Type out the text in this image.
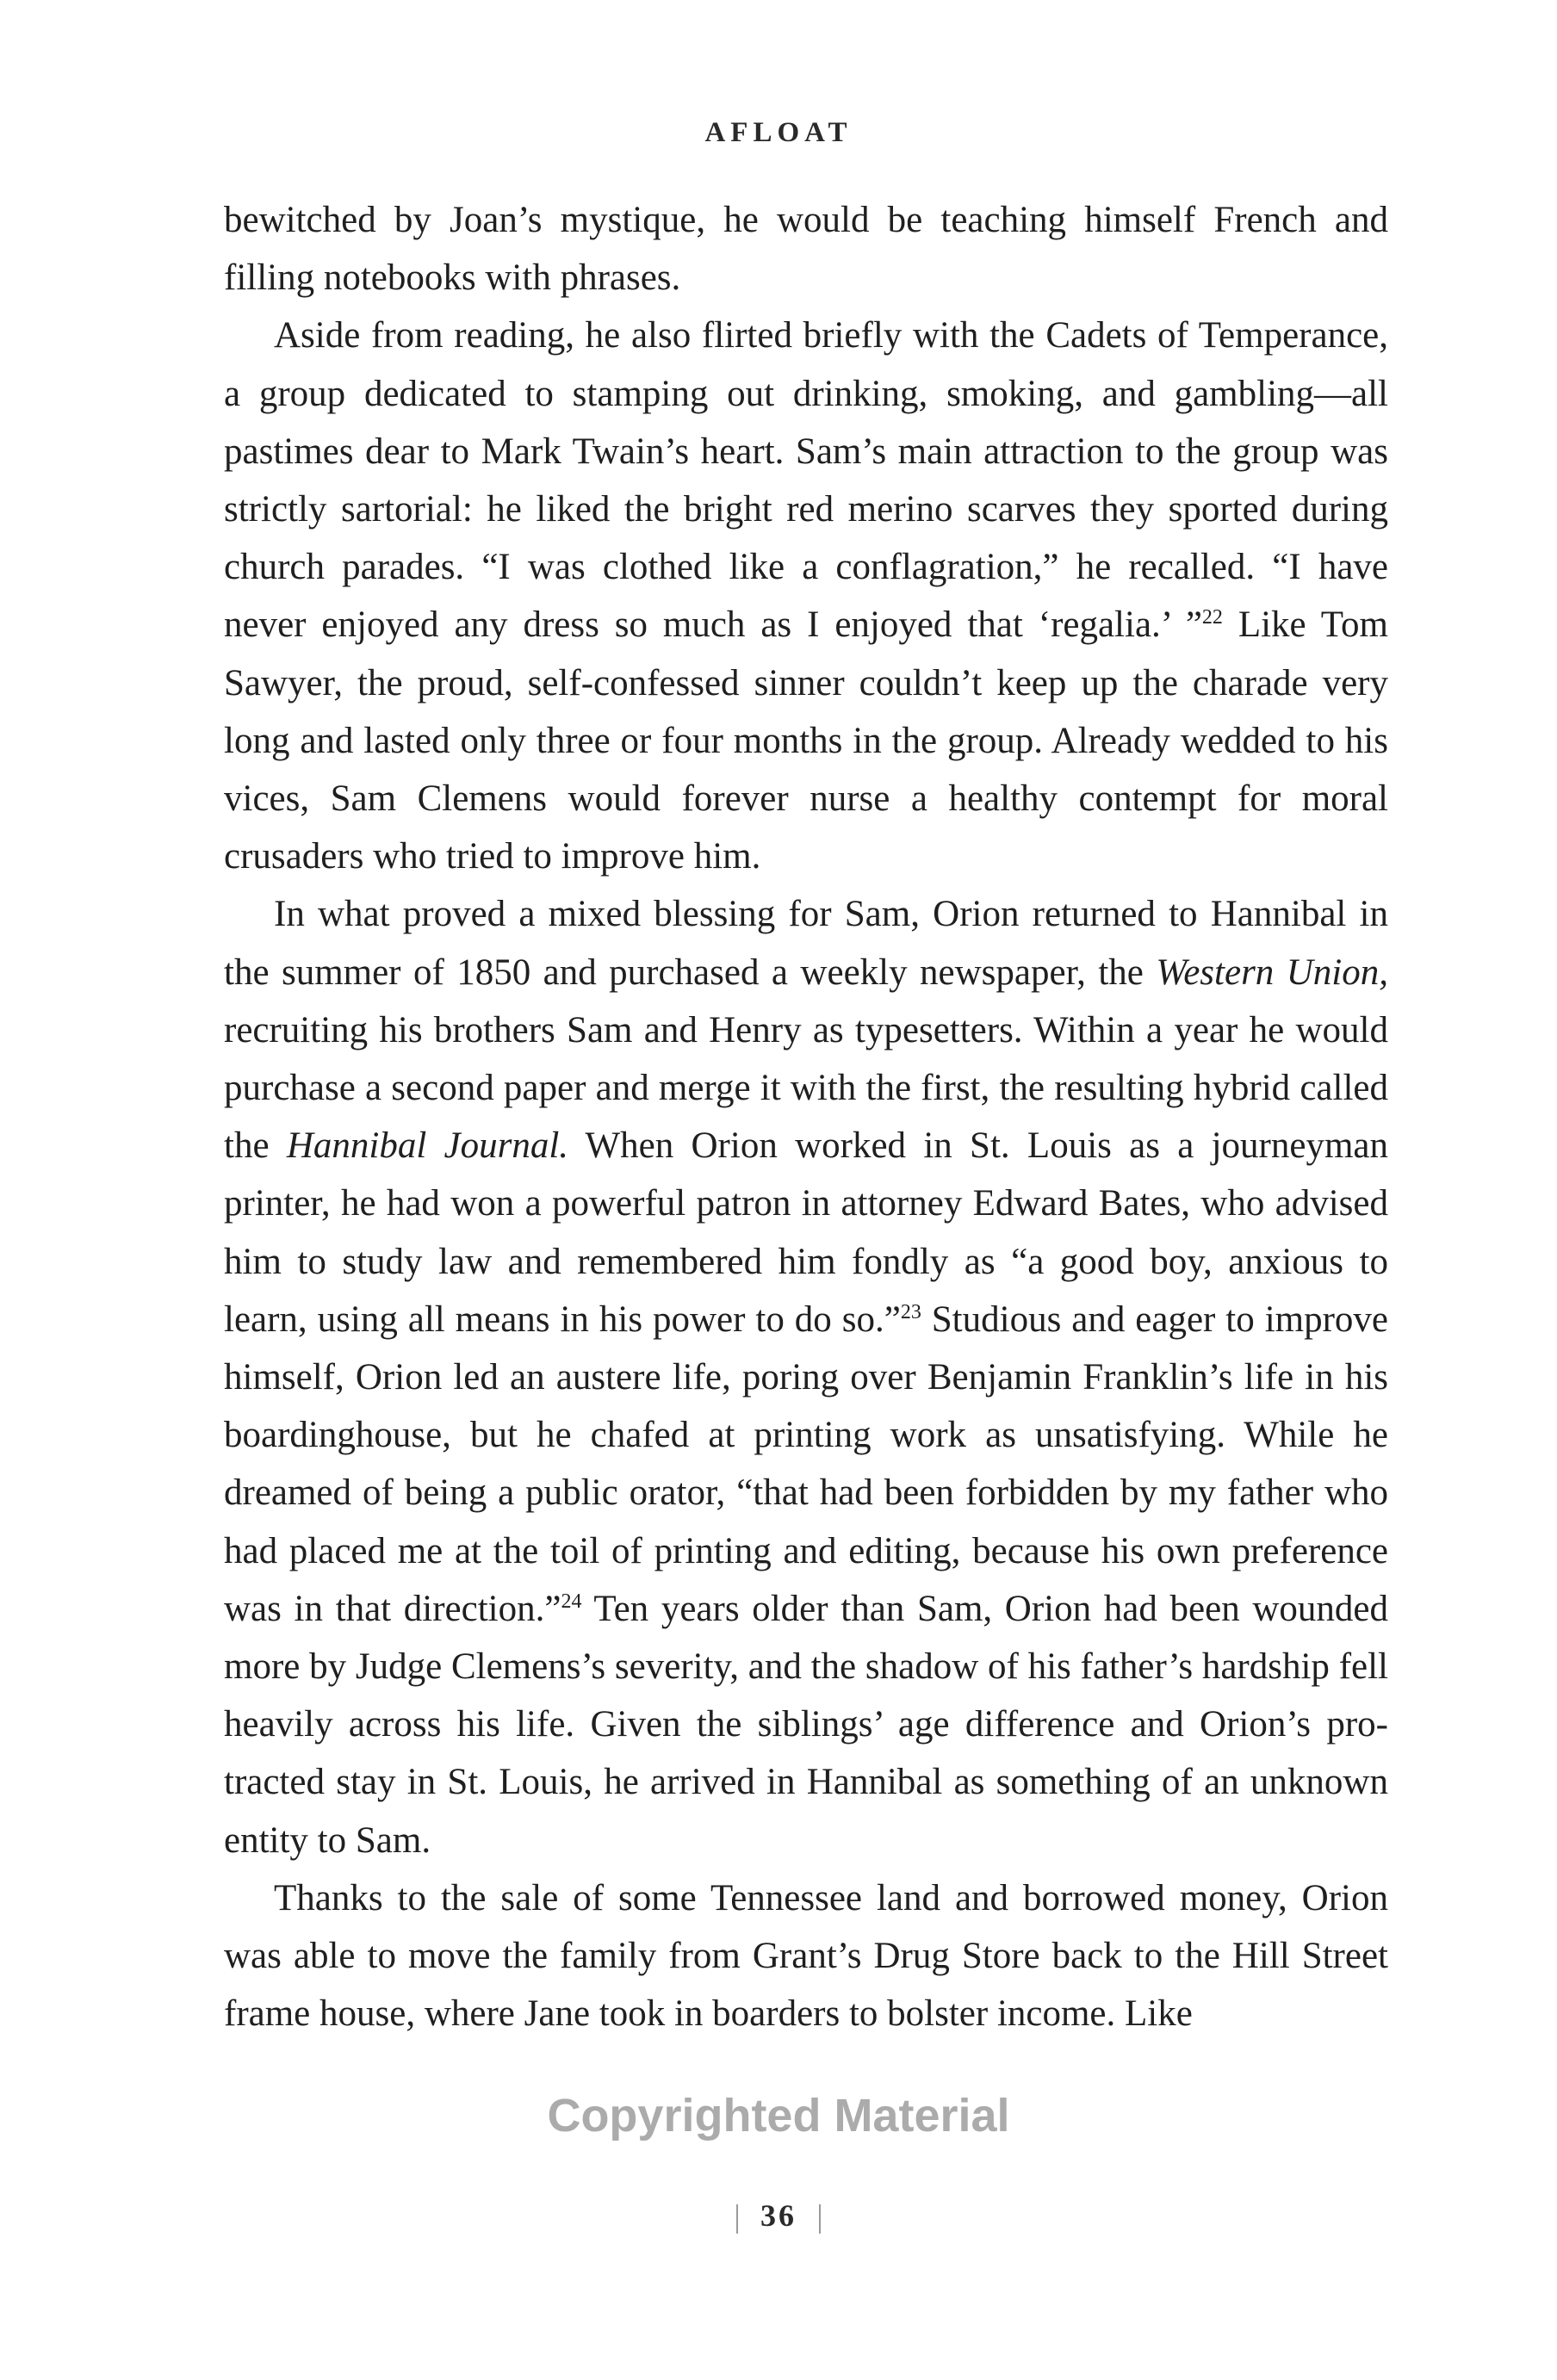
AFLOAT

bewitched by Joan’s mystique, he would be teaching himself French and filling notebooks with phrases.

Aside from reading, he also flirted briefly with the Cadets of Temperance, a group dedicated to stamping out drinking, smoking, and gambling—all pastimes dear to Mark Twain’s heart. Sam’s main attraction to the group was strictly sartorial: he liked the bright red merino scarves they sported during church parades. “I was clothed like a conflagration,” he recalled. “I have never enjoyed any dress so much as I enjoyed that ‘regalia.’ ”$^{22}$ Like Tom Sawyer, the proud, self-confessed sinner couldn’t keep up the charade very long and lasted only three or four months in the group. Already wedded to his vices, Sam Clemens would forever nurse a healthy contempt for moral crusaders who tried to improve him.

In what proved a mixed blessing for Sam, Orion returned to Hannibal in the summer of 1850 and purchased a weekly newspaper, the Western Union, recruiting his brothers Sam and Henry as typesetters. Within a year he would purchase a second paper and merge it with the first, the resulting hybrid called the Hannibal Journal. When Orion worked in St. Louis as a journeyman printer, he had won a powerful patron in attorney Edward Bates, who advised him to study law and remembered him fondly as “a good boy, anxious to learn, using all means in his power to do so.”$^{23}$ Studious and eager to improve himself, Orion led an austere life, poring over Benjamin Franklin’s life in his boardinghouse, but he chafed at printing work as unsatisfying. While he dreamed of being a public orator, “that had been forbidden by my father who had placed me at the toil of printing and editing, because his own preference was in that direction.”$^{24}$ Ten years older than Sam, Orion had been wounded more by Judge Clemens’s severity, and the shadow of his father’s hardship fell heavily across his life. Given the siblings’ age difference and Orion’s protracted stay in St. Louis, he arrived in Hannibal as something of an unknown entity to Sam.

Thanks to the sale of some Tennessee land and borrowed money, Orion was able to move the family from Grant’s Drug Store back to the Hill Street frame house, where Jane took in boarders to bolster income. Like

Copyrighted Material
36
